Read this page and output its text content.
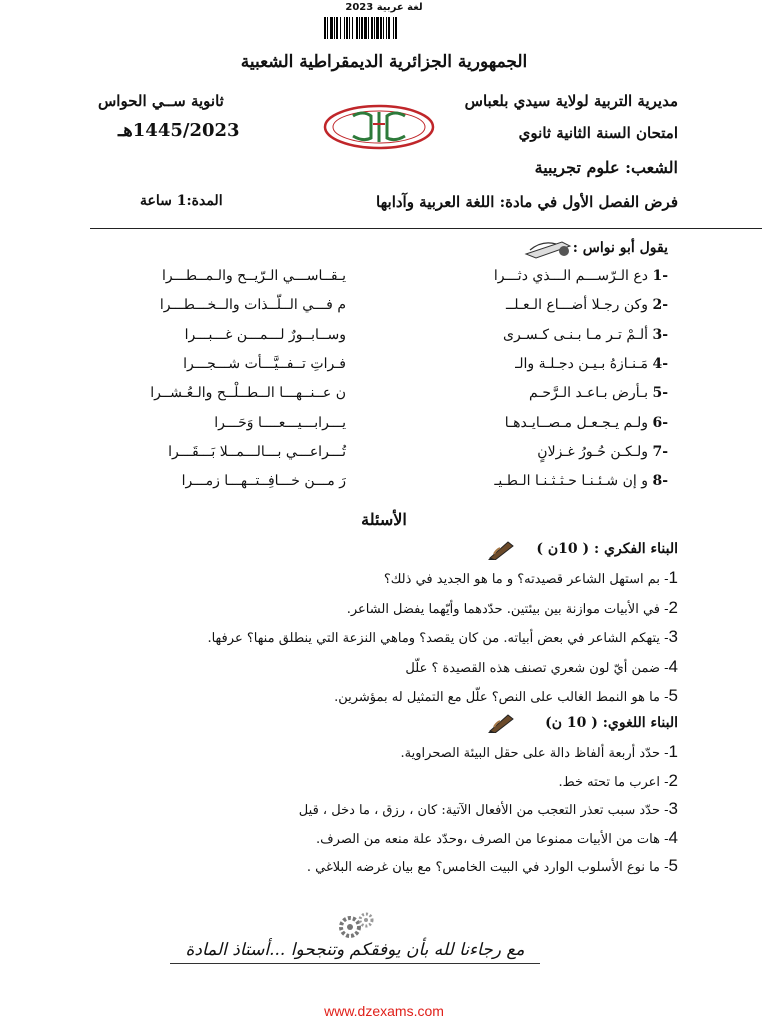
لغة عربية 2023
الجمهورية الجزائرية الديمقراطية الشعبية
مديرية التربية لولاية سيدي بلعباس
ثانوية ســي الحواس
امتحان السنة الثانية ثانوي
1445/2023هـ
الشعب: علوم تجريبية
فرض الفصل الأول في مادة: اللغة العربية وآدابها
المدة:1 ساعة
يقول أبو نواس :
-1 دع الـرّســـم الـــذي دثـــرا
يـقــاســـي الـرّيــح والـمــطـــرا
-2 وكن رجـلا أضـــاع الـعـلــ
م فـــي الــلّــذات والــخـــطـــرا
-3 ألـمْ تـر مـا بـنـى كـسـرى
وســابــورٌ لـــمـــن غـــبـــرا
-4 مَـنـازهُ بـيـن دجـلـة والـ
فـراتِ تــفــيَّـــأت شـــجـــرا
-5 بـأرض بـاعـد الـرَّحـم
ن عــنــهـــا الــطــلْــح والـعُـشــرا
-6 ولـم يـجـعـل مـصــايـدهـا
يـــرابـــيـــعــــا وَحَـــرا
-7 ولـكـن حُـورُ غـزلانٍ
تُـــراعـــي بـــالـــمــلا بَـــقَـــرا
-8 و إن شـئـنـا حـثـثـنـا الـطـيـ
رَ مـــن خـــافِــتــهـــا زمـــرا
الأسئلة
البناء الفكري : ( 10ن )
1- بم استهل الشاعر قصيدته؟ و ما هو الجديد في ذلك؟
2- في الأبيات موازنة بين بيئتين. حدّدهما وأيّهما يفضل الشاعر.
3- يتهكم الشاعر في بعض أبياته. من كان يقصد؟ وماهي النزعة التي ينطلق منها؟ عرفها.
4- ضمن أيّ لون شعري تصنف هذه القصيدة ؟ علّل
5- ما هو النمط الغالب على النص؟ علّل مع التمثيل له بمؤشرين.
البناء اللغوي: ( 10 ن)
1- حدّد أربعة ألفاظ دالة على حقل البيئة الصحراوية.
2- اعرب ما تحته خط.
3- حدّد سبب تعذر التعجب من الأفعال الآتية: كان ، رزق ، ما دخل ، قيل
4- هات من الأبيات ممنوعا من الصرف ،وحدّد علة منعه من الصرف.
5- ما نوع الأسلوب الوارد في البيت الخامس؟ مع بيان غرضه البلاغي .
مع رجاءنا لله بأن يوفقكم وتنجحوا ...أستاذ المادة
www.dzexams.com
